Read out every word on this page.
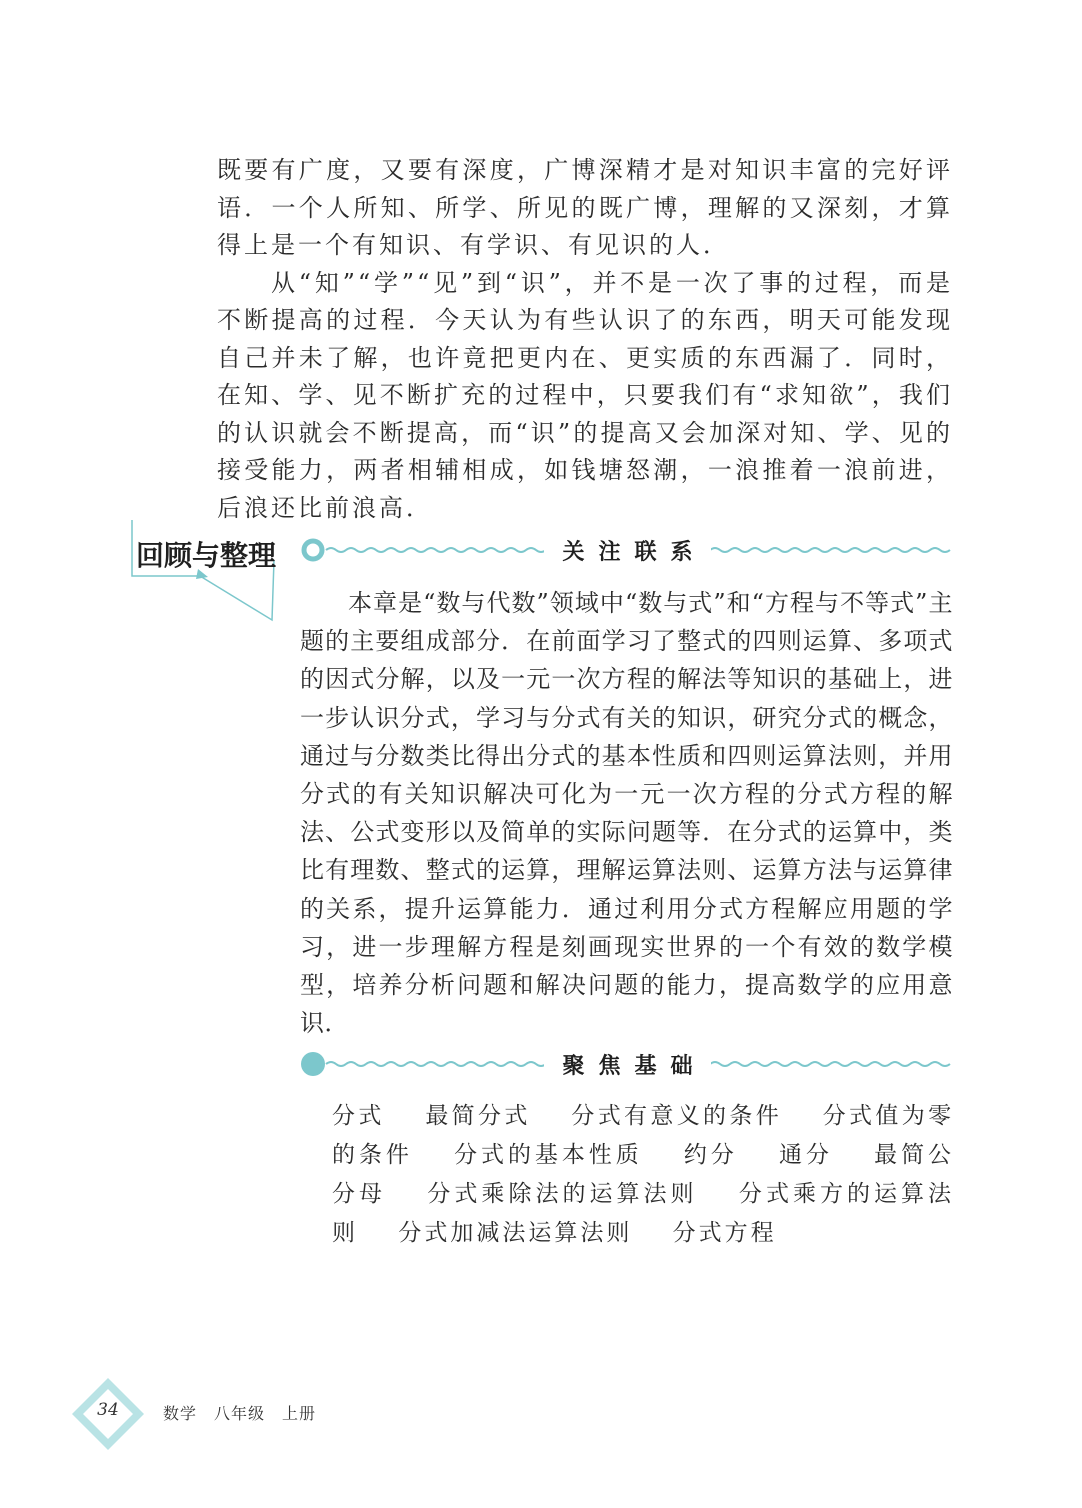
既要有广度，又要有深度，广博深精才是对知识丰富的完好评语．一个人所知、所学、所见的既广博，理解的又深刻，才算得上是一个有知识、有学识、有见识的人．

从“知”“学”“见”到“识”，并不是一次了事的过程，而是不断提高的过程．今天认为有些认识了的东西，明天可能发现自己并未了解，也许竟把更内在、更实质的东西漏了．同时，在知、学、见不断扩充的过程中，只要我们有“求知欲”，我们的认识就会不断提高，而“识”的提高又会加深对知、学、见的接受能力，两者相辅相成，如钱塘怒潮，一浪推着一浪前进，后浪还比前浪高．

回顾与整理	关注联系

本章是“数与代数”领域中“数与式”和“方程与不等式”主题的主要组成部分．在前面学习了整式的四则运算、多项式的因式分解，以及一元一次方程的解法等知识的基础上，进一步认识分式，学习与分式有关的知识，研究分式的概念，通过与分数类比得出分式的基本性质和四则运算法则，并用分式的有关知识解决可化为一元一次方程的分式方程的解法、公式变形以及简单的实际问题等．在分式的运算中，类比有理数、整式的运算，理解运算法则、运算方法与运算律的关系，提升运算能力．通过利用分式方程解应用题的学习，进一步理解方程是刻画现实世界的一个有效的数学模型，培养分析问题和解决问题的能力，提高数学的应用意识．

聚焦基础

分式 最简分式 分式有意义的条件 分式值为零的条件 分式的基本性质 约分 通分 最简公分母 分式乘除法的运算法则 分式乘方的运算法则 分式加减法运算法则 分式方程

34	数学　八年级　上册
